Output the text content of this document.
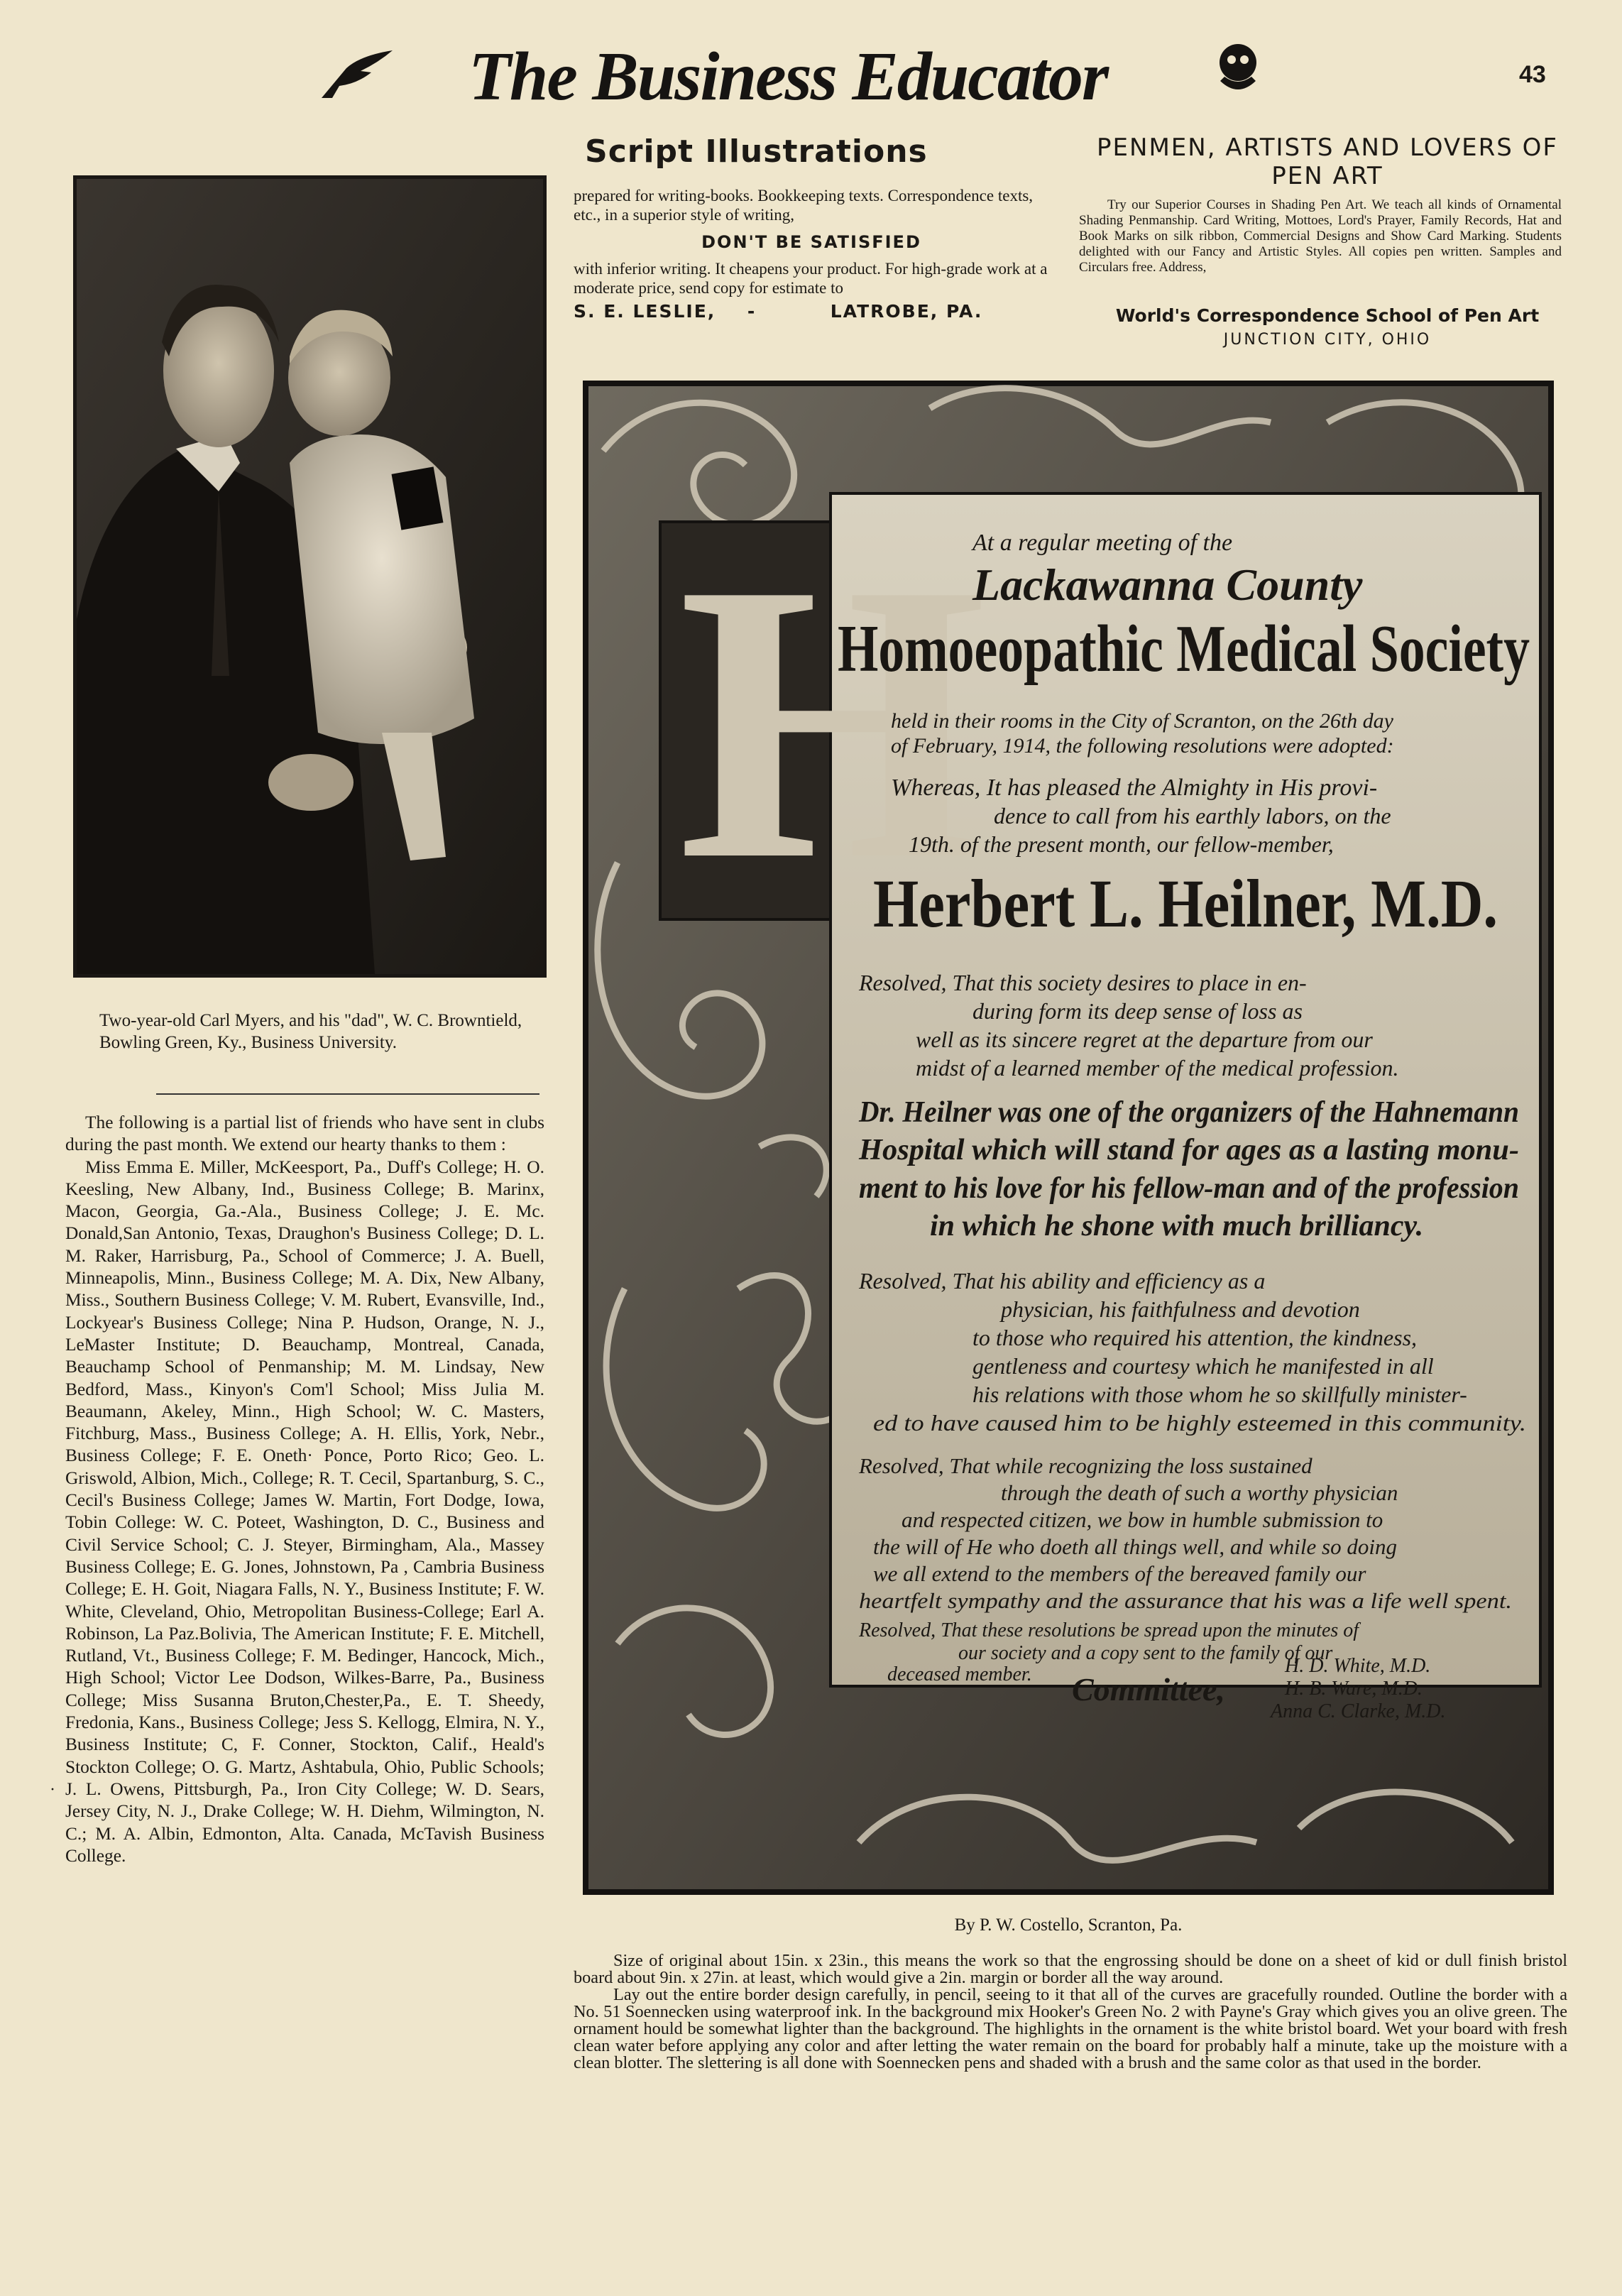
The Business Educator	43
Two-year-old Carl Myers, and his "dad", W. C. Browntield, Bowling Green, Ky., Business University.

The following is a partial list of friends who have sent in clubs during the past month. We extend our hearty thanks to them :

Miss Emma E. Miller, McKeesport, Pa., Duff's College; H. O. Keesling, New Albany, Ind., Business College; B. Marinx, Macon, Georgia, Ga.-Ala., Business College; J. E. Mc. Donald,San Antonio, Texas, Draughon's Business College; D. L. M. Raker, Harrisburg, Pa., School of Commerce; J. A. Buell, Minneapolis, Minn., Business College; M. A. Dix, New Albany, Miss., Southern Business College; V. M. Rubert, Evansville, Ind., Lockyear's Business College; Nina P. Hudson, Orange, N. J., LeMaster Institute; D. Beauchamp, Montreal, Canada, Beauchamp School of Penmanship; M. M. Lindsay, New Bedford, Mass., Kinyon's Com'l School; Miss Julia M. Beaumann, Akeley, Minn., High School; W. C. Masters, Fitchburg, Mass., Business College; A. H. Ellis, York, Nebr., Business College; F. E. Oneth· Ponce, Porto Rico; Geo. L. Griswold, Albion, Mich., College; R. T. Cecil, Spartanburg, S. C., Cecil's Business College; James W. Martin, Fort Dodge, Iowa, Tobin College: W. C. Poteet, Washington, D. C., Business and Civil Service School; C. J. Steyer, Birmingham, Ala., Massey Business College; E. G. Jones, Johnstown, Pa , Cambria Business College; E. H. Goit, Niagara Falls, N. Y., Business Institute; F. W. White, Cleveland, Ohio, Metropolitan Business-College; Earl A. Robinson, La Paz.Bolivia, The American Institute; F. E. Mitchell, Rutland, Vt., Business College; F. M. Bedinger, Hancock, Mich., High School; Victor Lee Dodson, Wilkes-Barre, Pa., Business College; Miss Susanna Bruton,Chester,Pa., E. T. Sheedy, Fredonia, Kans., Business College; Jess S. Kellogg, Elmira, N. Y., Business Institute; C, F. Conner, Stockton, Calif., Heald's Stockton College; O. G. Martz, Ashtabula, Ohio, Public Schools; J. L. Owens, Pittsburgh, Pa., Iron City College; W. D. Sears, Jersey City, N. J., Drake College; W. H. Diehm, Wilmington, N. C.; M. A. Albin, Edmonton, Alta. Canada, McTavish Business College.

·
Script Illustrations

prepared for writing-books. Bookkeeping texts. Correspondence texts, etc., in a superior style of writing,

DON'T BE SATISFIED

with inferior writing. It cheapens your product. For high-grade work at a moderate price, send copy for estimate to

S. E. LESLIE, -	LATROBE, PA.

PENMEN, ARTISTS AND LOVERS OF PEN ART
Try our Superior Courses in Shading Pen Art. We teach all kinds of Ornamental Shading Penmanship. Card Writing, Mottoes, Lord's Prayer, Family Records, Hat and Book Marks on silk ribbon, Commercial Designs and Show Card Marking. Students delighted with our Fancy and Artistic Styles. All copies pen written. Samples and Circulars free. Address,
World's Correspondence School of Pen Art
JUNCTION CITY, OHIO
H
At a regular meeting of the
Lackawanna County
Homoeopathic Medical Society
held in their rooms in the City of Scranton, on the 26th day
of February, 1914, the following resolutions were adopted:
Whereas, It has pleased the Almighty in His provi-
dence to call from his earthly labors, on the
19th. of the present month, our fellow-member,
Herbert L. Heilner, M.D.
Resolved, That this society desires to place in en-
during form its deep sense of loss as
well as its sincere regret at the departure from our
midst of a learned member of the medical profession.
Dr. Heilner was one of the organizers of the Hahnemann
Hospital which will stand for ages as a lasting monu-
ment to his love for his fellow-man and of the profession
in which he shone with much brilliancy.
Resolved, That his ability and efficiency as a
physician, his faithfulness and devotion
to those who required his attention, the kindness,
gentleness and courtesy which he manifested in all
his relations with those whom he so skillfully minister-
ed to have caused him to be highly esteemed in this community.
Resolved, That while recognizing the loss sustained
through the death of such a worthy physician
and respected citizen, we bow in humble submission to
the will of He who doeth all things well, and while so doing
we all extend to the members of the bereaved family our
heartfelt sympathy and the assurance that his was a life well spent.
Resolved, That these resolutions be spread upon the minutes of
our society and a copy sent to the family of our
deceased member. Committee,
H. D. White, M.D.
H. B. Ware, M.D.
Anna C. Clarke, M.D.
By P. W. Costello, Scranton, Pa.

Size of original about 15in. x 23in., this means the work so that the engrossing should be done on a sheet of kid or dull finish bristol board about 9in. x 27in. at least, which would give a 2in. margin or border all the way around.

Lay out the entire border design carefully, in pencil, seeing to it that all of the curves are gracefully rounded. Outline the border with a No. 51 Soennecken using waterproof ink. In the background mix Hooker's Green No. 2 with Payne's Gray which gives you an olive green. The ornament hould be somewhat lighter than the background. The highlights in the ornament is the white bristol board. Wet your board with fresh clean water before applying any color and after letting the water remain on the board for probably half a minute, take up the moisture with a clean blotter. The slettering is all done with Soennecken pens and shaded with a brush and the same color as that used in the border.
